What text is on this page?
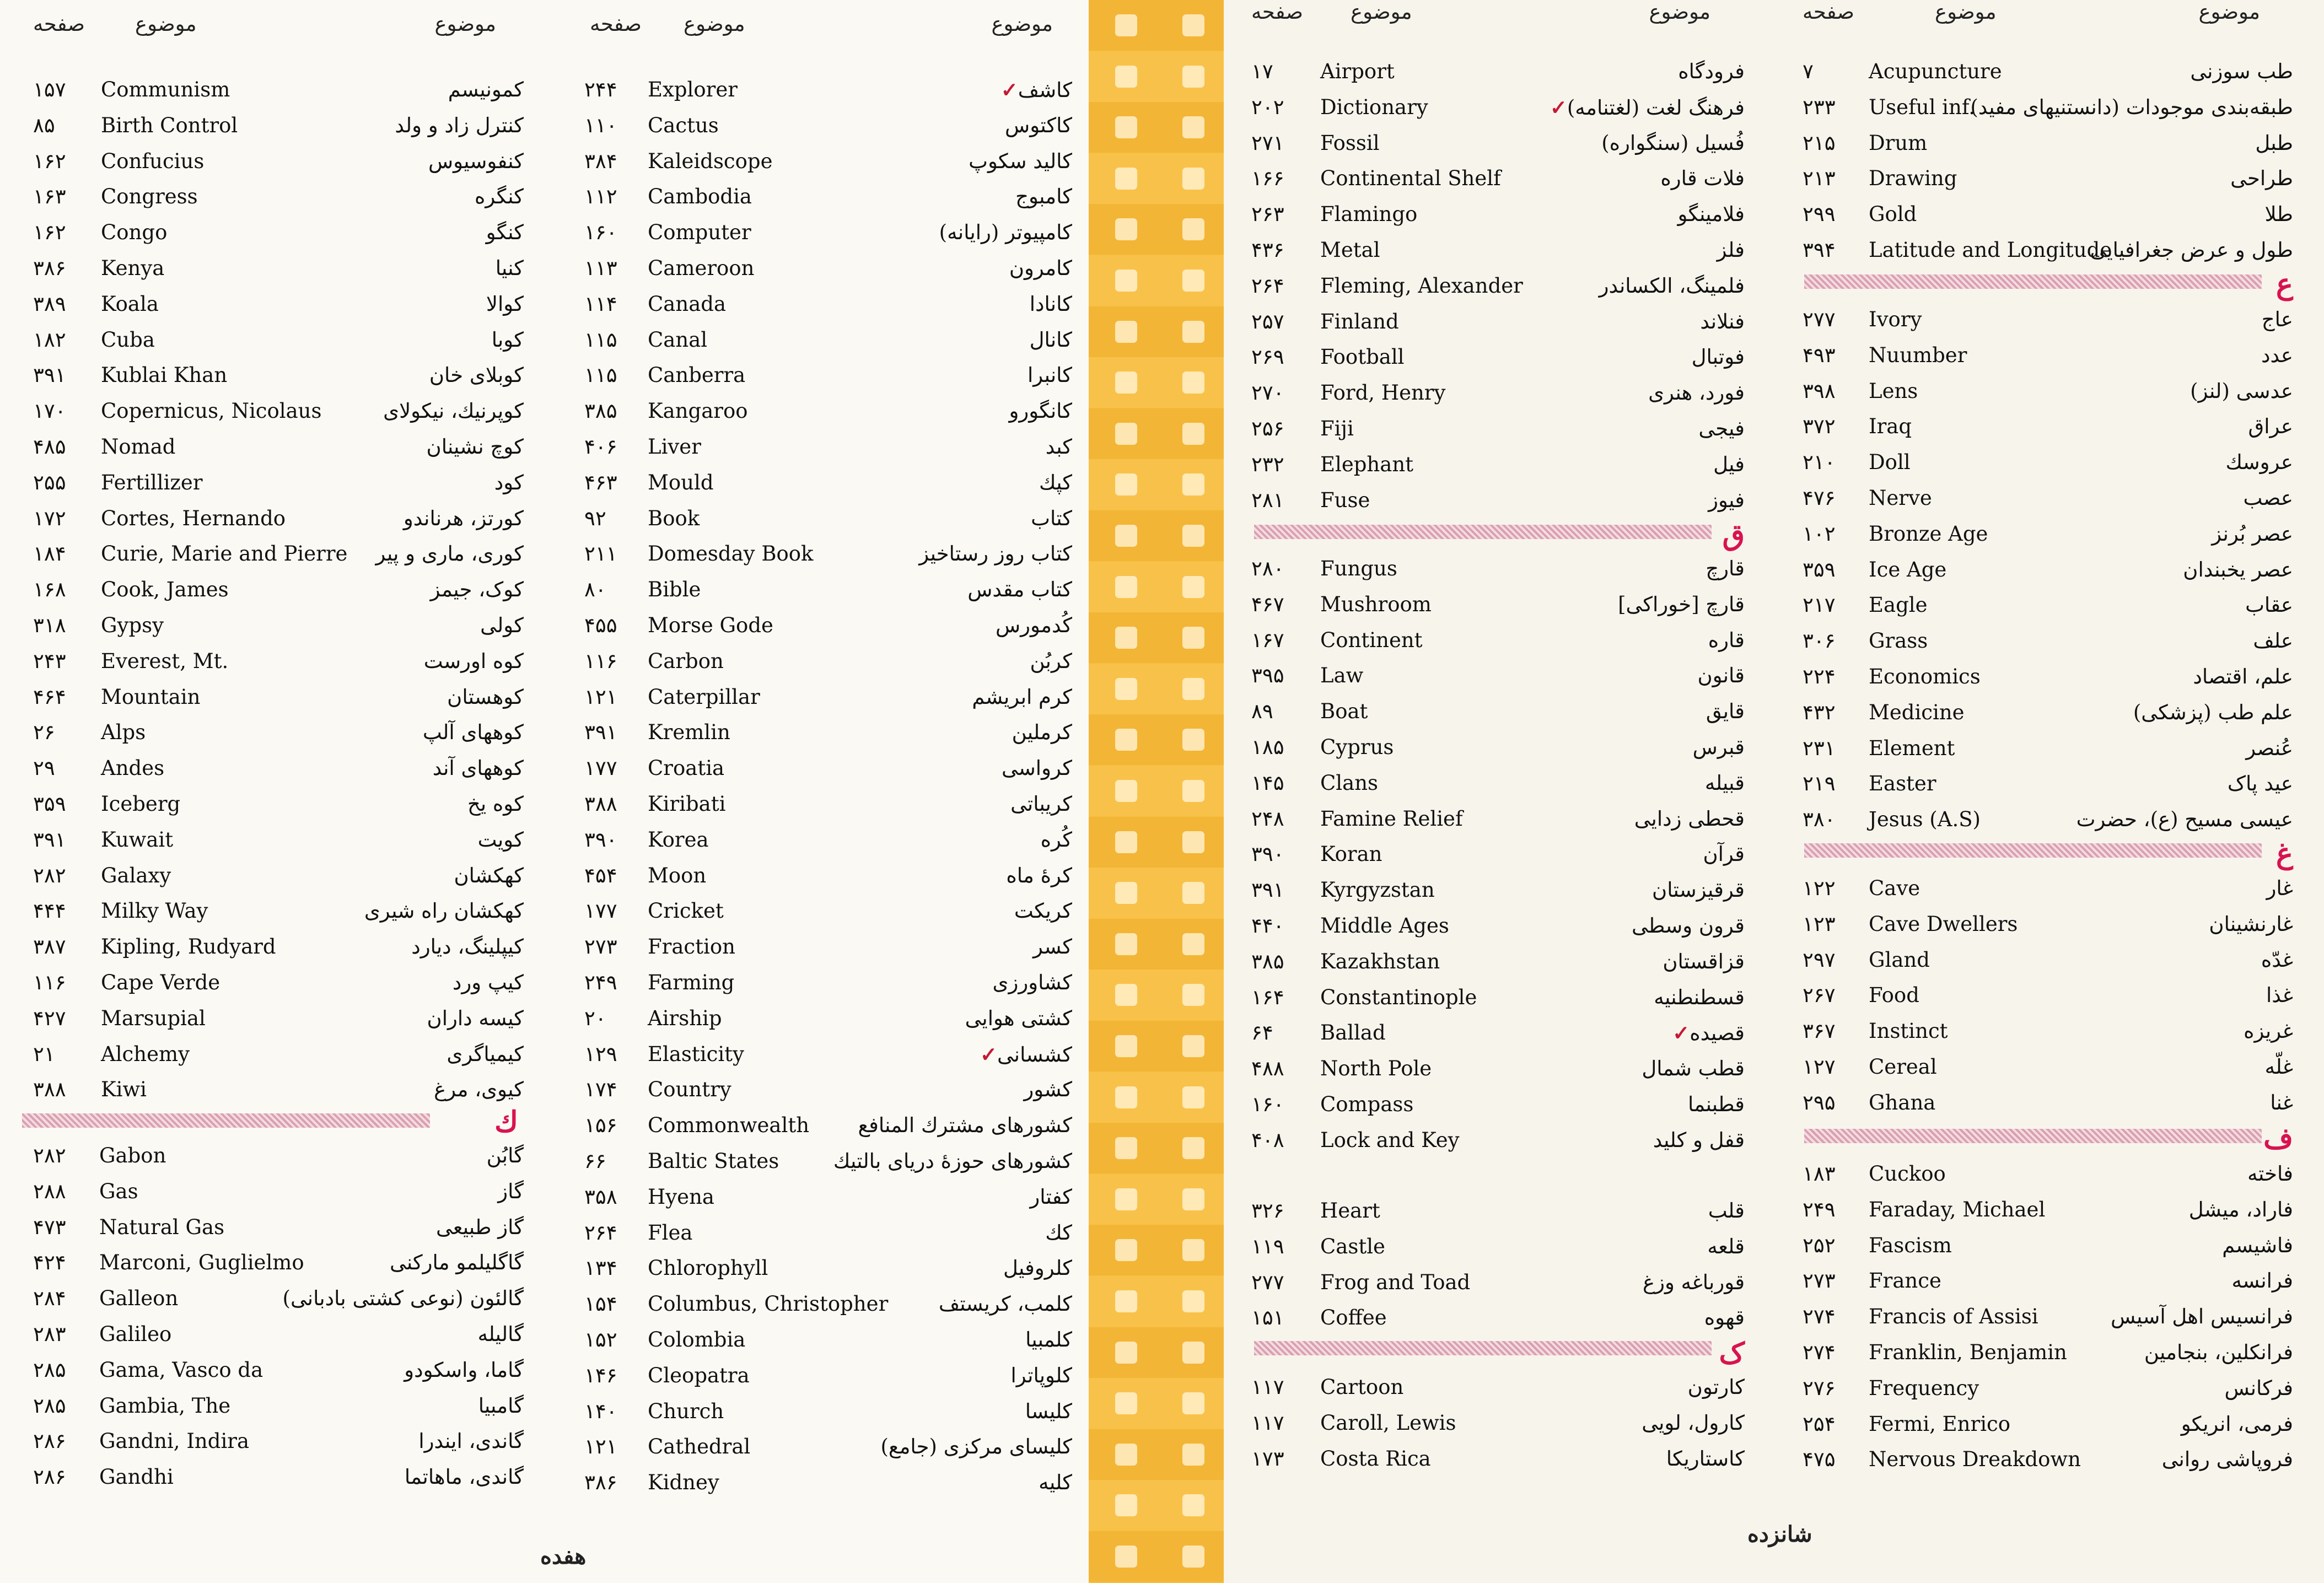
موضوع
موضوع
صفحه
موضوع
موضوع
صفحه
كاشف✓
Explorer
۲۴۴
كاكتوس
Cactus
۱۱۰
كاليد سكوپ
Kaleidscope
۳۸۴
كامبوج
Cambodia
۱۱۲
كامپيوتر (رايانه)
Computer
۱۶۰
كامرون
Cameroon
۱۱۳
كانادا
Canada
۱۱۴
كانال
Canal
۱۱۵
كانبرا
Canberra
۱۱۵
كانگورو
Kangaroo
۳۸۵
كبد
Liver
۴۰۶
كپك
Mould
۴۶۳
كتاب
Book
۹۲
كتاب روز رستاخيز
Domesday Book
۲۱۱
كتاب مقدس
Bible
۸۰
كُدمورس
Morse Gode
۴۵۵
كربُن
Carbon
۱۱۶
كرم ابريشم
Caterpillar
۱۲۱
كرملين
Kremlin
۳۹۱
كرواسى
Croatia
۱۷۷
كريباتى
Kiribati
۳۸۸
كُره
Korea
۳۹۰
كرهٔ ماه
Moon
۴۵۴
كريكت
Cricket
۱۷۷
كسر
Fraction
۲۷۳
كشاورزى
Farming
۲۴۹
كشتى هوايى
Airship
۲۰
كشسانى✓
Elasticity
۱۲۹
كشور
Country
۱۷۴
كشورهاى مشترك المنافع
Commonwealth
۱۵۶
كشورهاى حوزهٔ درياى بالتيك
Baltic States
۶۶
كفتار
Hyena
۳۵۸
كك
Flea
۲۶۴
كلروفيل
Chlorophyll
۱۳۴
كلمب، كريستف
Columbus, Christopher
۱۵۴
كلمبيا
Colombia
۱۵۲
كلوپاترا
Cleopatra
۱۴۶
كليسا
Church
۱۴۰
كليساى مركزى (جامع)
Cathedral
۱۲۱
كليه
Kidney
۳۸۶
كمونيسم
Communism
۱۵۷
كنترل زاد و ولد
Birth Control
۸۵
كنفوسيوس
Confucius
۱۶۲
كنگره
Congress
۱۶۳
كنگو
Congo
۱۶۲
كنيا
Kenya
۳۸۶
كوالا
Koala
۳۸۹
كوبا
Cuba
۱۸۲
كوبلاى خان
Kublai Khan
۳۹۱
كوپرنيك، نيكولاى
Copernicus, Nicolaus
۱۷۰
كوچ نشينان
Nomad
۴۸۵
كود
Fertillizer
۲۵۵
كورتز، هرناندو
Cortes, Hernando
۱۷۲
كورى، مارى و پير
Curie, Marie and Pierre
۱۸۴
كوک، جيمز
Cook, James
۱۶۸
كولى
Gypsy
۳۱۸
كوه اورست
Everest, Mt.
۲۴۳
كوهستان
Mountain
۴۶۴
كوههاى آلپ
Alps
۲۶
كوههاى آند
Andes
۲۹
كوه يخ
Iceberg
۳۵۹
كويت
Kuwait
۳۹۱
كهكشان
Galaxy
۲۸۲
كهكشان راه شيرى
Milky Way
۴۴۴
كيپلينگ، ديارد
Kipling, Rudyard
۳۸۷
كيپ ورد
Cape Verde
۱۱۶
كيسه داران
Marsupial
۴۲۷
كيمياگرى
Alchemy
۲۱
كيوى، مرغ
Kiwi
۳۸۸
ك
گابُن
Gabon
۲۸۲
گاز
Gas
۲۸۸
گاز طبيعى
Natural Gas
۴۷۳
گاگليلمو ماركنى
Marconi, Guglielmo
۴۲۴
گالئون (نوعى كشتى بادبانى)
Galleon
۲۸۴
گاليله
Galileo
۲۸۳
گاما، واسكودو
Gama, Vasco da
۲۸۵
گامبيا
Gambia, The
۲۸۵
گاندى، ايندرا
Gandni, Indira
۲۸۶
گاندى، ماهاتما
Gandhi
۲۸۶
هفده
موضوع
موضوع
صفحه
موضوع
موضوع
صفحه
فرودگاه
Airport
۱۷
فرهنگ لغت (لغتنامه)✓
Dictionary
۲۰۲
فُسيل (سنگواره)
Fossil
۲۷۱
فلات قاره
Continental Shelf
۱۶۶
فلامينگو
Flamingo
۲۶۳
فلز
Metal
۴۳۶
فلمينگ، الكساندر
Fleming, Alexander
۲۶۴
فنلاند
Finland
۲۵۷
فوتبال
Football
۲۶۹
فورد، هنرى
Ford, Henry
۲۷۰
فيجى
Fiji
۲۵۶
فيل
Elephant
۲۳۲
فيوز
Fuse
۲۸۱
ق
قارچ
Fungus
۲۸۰
قارچ [خوراكى]
Mushroom
۴۶۷
قاره
Continent
۱۶۷
قانون
Law
۳۹۵
قايق
Boat
۸۹
قبرس
Cyprus
۱۸۵
قبيله
Clans
۱۴۵
قحطى زدايى
Famine Relief
۲۴۸
قرآن
Koran
۳۹۰
قرقيزستان
Kyrgyzstan
۳۹۱
قرون وسطى
Middle Ages
۴۴۰
قزاقستان
Kazakhstan
۳۸۵
قسطنطنيه
Constantinople
۱۶۴
قصيده✓
Ballad
۶۴
قطب شمال
North Pole
۴۸۸
قطبنما
Compass
۱۶۰
قفل و كليد
Lock and Key
۴۰۸
قلب
Heart
۳۲۶
قلعه
Castle
۱۱۹
قورباغه وزغ
Frog and Toad
۲۷۷
قهوه
Coffee
۱۵۱
ک
كارتون
Cartoon
۱۱۷
كارول، لويى
Caroll, Lewis
۱۱۷
كاستاريكا
Costa Rica
۱۷۳
طب سوزنى
Acupuncture
۷
طبقه‌بندى موجودات (دانستنيهاى مفيد)
Useful inf.
۲۳۳
طبل
Drum
۲۱۵
طراحى
Drawing
۲۱۳
طلا
Gold
۲۹۹
طول و عرض جغرافيايى
Latitude and Longitude
۳۹۴
ع
عاج
Ivory
۲۷۷
عدد
Nuumber
۴۹۳
عدسى (لنز)
Lens
۳۹۸
عراق
Iraq
۳۷۲
عروسك
Doll
۲۱۰
عصب
Nerve
۴۷۶
عصر بُرنز
Bronze Age
۱۰۲
عصر يخبندان
Ice Age
۳۵۹
عقاب
Eagle
۲۱۷
علف
Grass
۳۰۶
علم، اقتصاد
Economics
۲۲۴
علم طب (پزشكى)
Medicine
۴۳۲
عُنصر
Element
۲۳۱
عيد پاک
Easter
۲۱۹
عيسى مسيح (ع)، حضرت
Jesus (A.S)
۳۸۰
غ
غار
Cave
۱۲۲
غارنشينان
Cave Dwellers
۱۲۳
غدّه
Gland
۲۹۷
غذا
Food
۲۶۷
غريزه
Instinct
۳۶۷
غلّه
Cereal
۱۲۷
غنا
Ghana
۲۹۵
ف
فاخته
Cuckoo
۱۸۳
فاراد، ميشل
Faraday, Michael
۲۴۹
فاشيسم
Fascism
۲۵۲
فرانسه
France
۲۷۳
فرانسيس اهل آسيس
Francis of Assisi
۲۷۴
فرانكلين، بنجامين
Franklin, Benjamin
۲۷۴
فركانس
Frequency
۲۷۶
فرمى، انريكو
Fermi, Enrico
۲۵۴
فروپاشى روانى
Nervous Dreakdown
۴۷۵
شانزده
